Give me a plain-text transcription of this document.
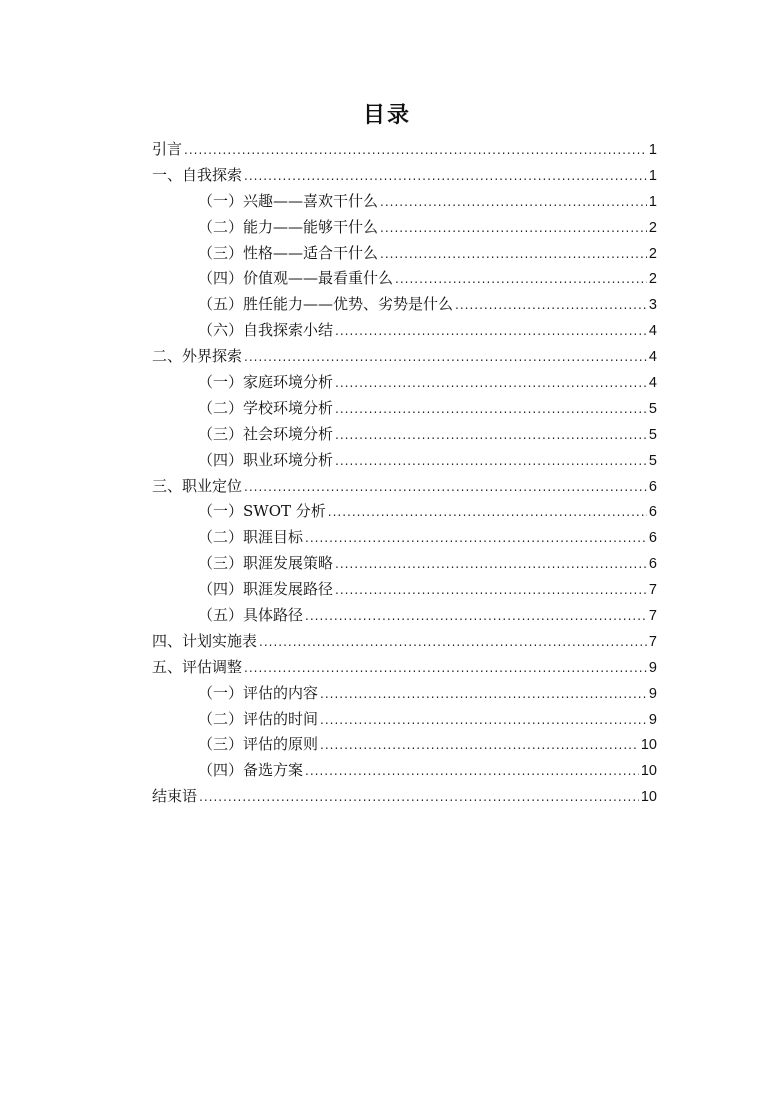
目录
引言 .....	1
一、自我探索 .....	1
（一）兴趣——喜欢干什么 .....	1
（二）能力——能够干什么 .....	2
（三）性格——适合干什么 .....	2
（四）价值观——最看重什么 .....	2
（五）胜任能力——优势、劣势是什么 .....	3
（六）自我探索小结 .....	4
二、外界探索 .....	4
（一）家庭环境分析 .....	4
（二）学校环境分析 .....	5
（三）社会环境分析 .....	5
（四）职业环境分析 .....	5
三、职业定位 .....	6
（一）SWOT 分析 .....	6
（二）职涯目标 .....	6
（三）职涯发展策略 .....	6
（四）职涯发展路径 .....	7
（五）具体路径 .....	7
四、计划实施表 .....	7
五、评估调整 .....	9
（一）评估的内容 .....	9
（二）评估的时间 .....	9
（三）评估的原则 .....	10
（四）备选方案 .....	10
结束语 .....	10
